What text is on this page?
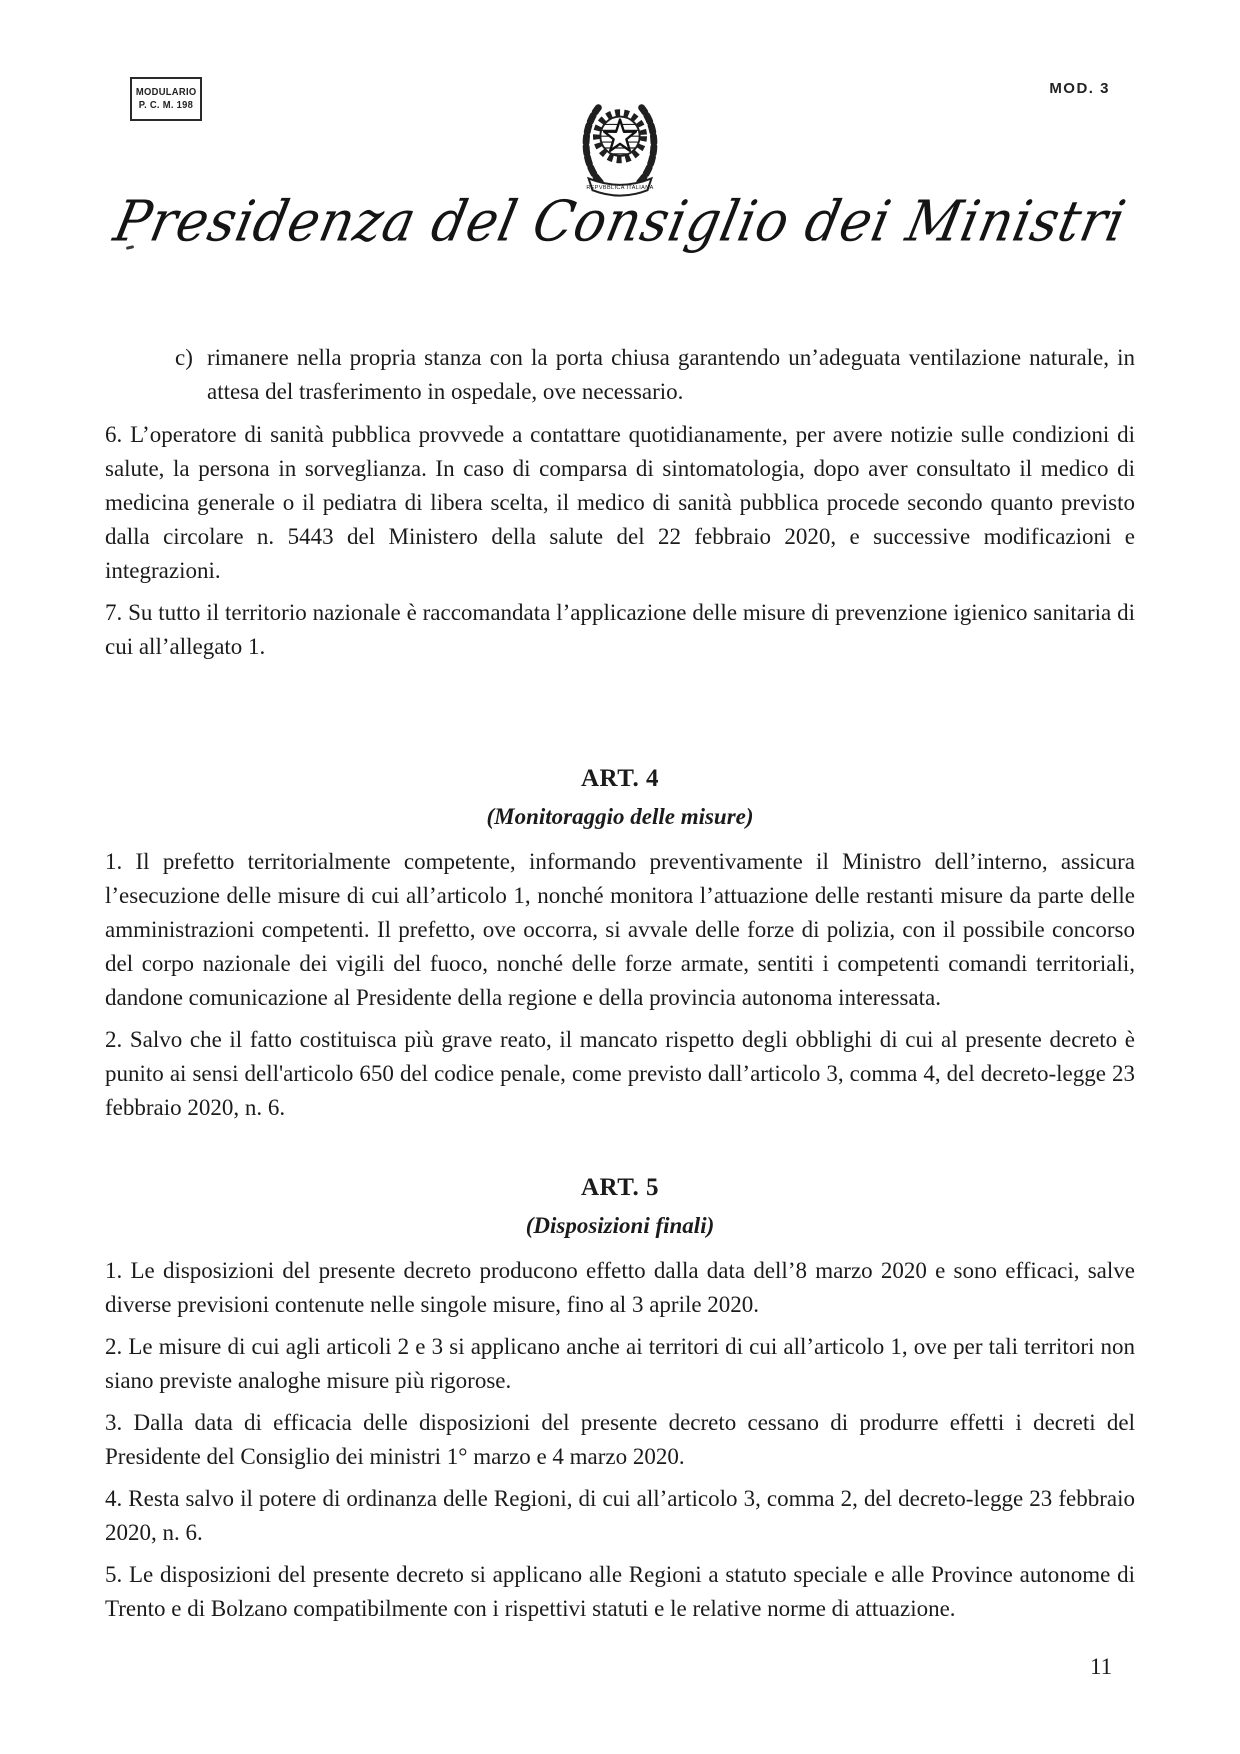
MODULARIO
P. C. M. 198
MOD. 3
REPVBBLICA ITALIANA
Presidenza del Consiglio dei Ministri
c) rimanere nella propria stanza con la porta chiusa garantendo un’adeguata ventilazione naturale, in attesa del trasferimento in ospedale, ove necessario.

6. L’operatore di sanità pubblica provvede a contattare quotidianamente, per avere notizie sulle condizioni di salute, la persona in sorveglianza. In caso di comparsa di sintomatologia, dopo aver consultato il medico di medicina generale o il pediatra di libera scelta, il medico di sanità pubblica procede secondo quanto previsto dalla circolare n. 5443 del Ministero della salute del 22 febbraio 2020, e successive modificazioni e integrazioni.

7. Su tutto il territorio nazionale è raccomandata l’applicazione delle misure di prevenzione igienico sanitaria di cui all’allegato 1.

ART. 4
(Monitoraggio delle misure)

1. Il prefetto territorialmente competente, informando preventivamente il Ministro dell’interno, assicura l’esecuzione delle misure di cui all’articolo 1, nonché monitora l’attuazione delle restanti misure da parte delle amministrazioni competenti. Il prefetto, ove occorra, si avvale delle forze di polizia, con il possibile concorso del corpo nazionale dei vigili del fuoco, nonché delle forze armate, sentiti i competenti comandi territoriali, dandone comunicazione al Presidente della regione e della provincia autonoma interessata.

2. Salvo che il fatto costituisca più grave reato, il mancato rispetto degli obblighi di cui al presente decreto è punito ai sensi dell'articolo 650 del codice penale, come previsto dall’articolo 3, comma 4, del decreto-legge 23 febbraio 2020, n. 6.

ART. 5
(Disposizioni finali)

1. Le disposizioni del presente decreto producono effetto dalla data dell’8 marzo 2020 e sono efficaci, salve diverse previsioni contenute nelle singole misure, fino al 3 aprile 2020.

2. Le misure di cui agli articoli 2 e 3 si applicano anche ai territori di cui all’articolo 1, ove per tali territori non siano previste analoghe misure più rigorose.

3. Dalla data di efficacia delle disposizioni del presente decreto cessano di produrre effetti i decreti del Presidente del Consiglio dei ministri 1° marzo e 4 marzo 2020.

4. Resta salvo il potere di ordinanza delle Regioni, di cui all’articolo 3, comma 2, del decreto-legge 23 febbraio 2020, n. 6.

5. Le disposizioni del presente decreto si applicano alle Regioni a statuto speciale e alle Province autonome di Trento e di Bolzano compatibilmente con i rispettivi statuti e le relative norme di attuazione.

11
